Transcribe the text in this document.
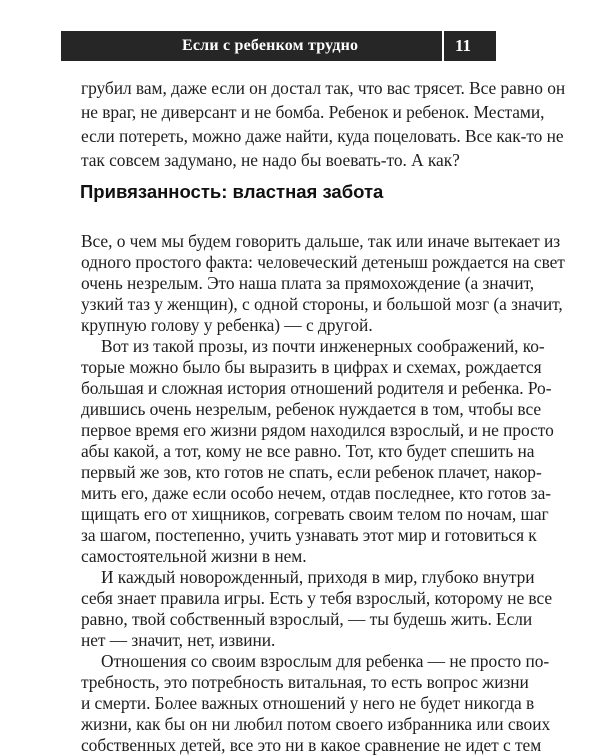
Если с ребенком трудно	11
грубил вам, даже если он достал так, что вас трясет. Все равно он
не враг, не диверсант и не бомба. Ребенок и ребенок. Местами,
если потереть, можно даже найти, куда поцеловать. Все как-то не
так совсем задумано, не надо бы воевать-то. А как?
Привязанность: властная забота
Все, о чем мы будем говорить дальше, так или иначе вытекает из
одного простого факта: человеческий детеныш рождается на свет
очень незрелым. Это наша плата за прямохождение (а значит,
узкий таз у женщин), с одной стороны, и большой мозг (а значит,
крупную голову у ребенка) — с другой.
Вот из такой прозы, из почти инженерных соображений, ко-
торые можно было бы выразить в цифрах и схемах, рождается
большая и сложная история отношений родителя и ребенка. Ро-
дившись очень незрелым, ребенок нуждается в том, чтобы все
первое время его жизни рядом находился взрослый, и не просто
абы какой, а тот, кому не все равно. Тот, кто будет спешить на
первый же зов, кто готов не спать, если ребенок плачет, накор-
мить его, даже если особо нечем, отдав последнее, кто готов за-
щищать его от хищников, согревать своим телом по ночам, шаг
за шагом, постепенно, учить узнавать этот мир и готовиться к
самостоятельной жизни в нем.
И каждый новорожденный, приходя в мир, глубоко внутри
себя знает правила игры. Есть у тебя взрослый, которому не все
равно, твой собственный взрослый, — ты будешь жить. Если
нет — значит, нет, извини.
Отношения со своим взрослым для ребенка — не просто по-
требность, это потребность витальная, то есть вопрос жизни
и смерти. Более важных отношений у него не будет никогда в
жизни, как бы он ни любил потом своего избранника или своих
собственных детей, все это ни в какое сравнение не идет с тем
